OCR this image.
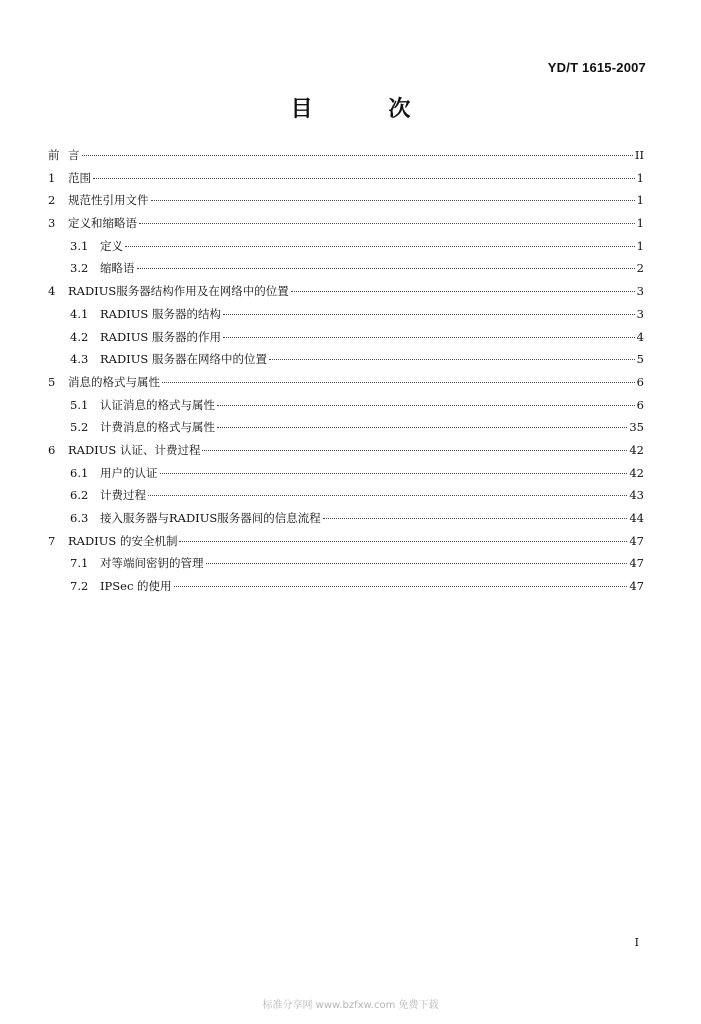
YD/T 1615-2007
目 次
前 言	II
1	范围	1
2	规范性引用文件	1
3	定义和缩略语	1
3.1	定义	1
3.2	缩略语	2
4	RADIUS服务器结构作用及在网络中的位置	3
4.1	RADIUS 服务器的结构	3
4.2	RADIUS 服务器的作用	4
4.3	RADIUS 服务器在网络中的位置	5
5	消息的格式与属性	6
5.1	认证消息的格式与属性	6
5.2	计费消息的格式与属性	35
6	RADIUS 认证、计费过程	42
6.1	用户的认证	42
6.2	计费过程	43
6.3	接入服务器与RADIUS服务器间的信息流程	44
7	RADIUS 的安全机制	47
7.1	对等端间密钥的管理	47
7.2	IPSec 的使用	47
I
标准分享网 www.bzfxw.com 免费下载
